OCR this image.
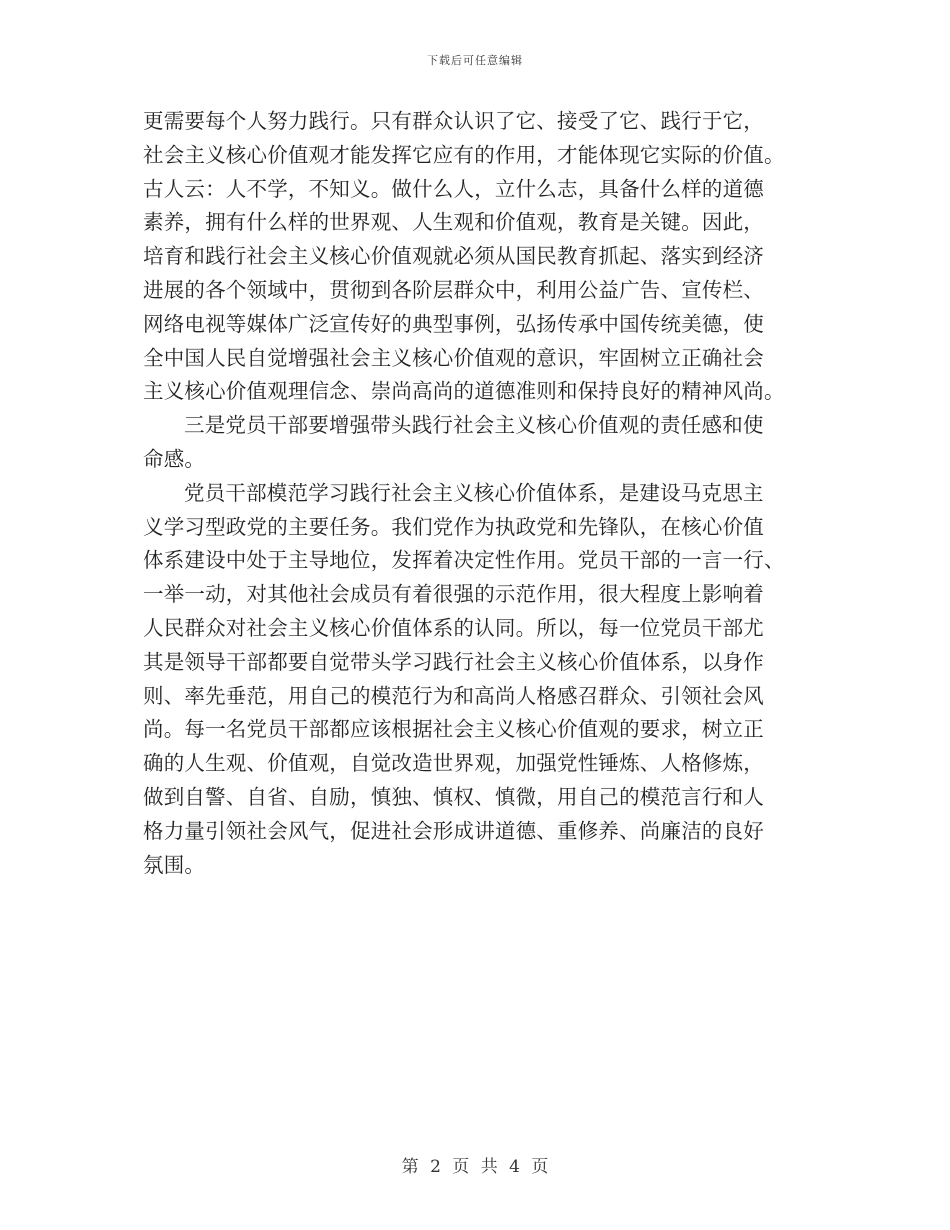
下载后可任意编辑
更需要每个人努力践行。只有群众认识了它、接受了它、践行于它，
社会主义核心价值观才能发挥它应有的作用，才能体现它实际的价值。
古人云：人不学，不知义。做什么人，立什么志，具备什么样的道德
素养，拥有什么样的世界观、人生观和价值观，教育是关键。因此，
培育和践行社会主义核心价值观就必须从国民教育抓起、落实到经济
进展的各个领域中，贯彻到各阶层群众中，利用公益广告、宣传栏、
网络电视等媒体广泛宣传好的典型事例，弘扬传承中国传统美德，使
全中国人民自觉增强社会主义核心价值观的意识，牢固树立正确社会
主义核心价值观理信念、崇尚高尚的道德准则和保持良好的精神风尚。
三是党员干部要增强带头践行社会主义核心价值观的责任感和使
命感。
党员干部模范学习践行社会主义核心价值体系，是建设马克思主
义学习型政党的主要任务。我们党作为执政党和先锋队，在核心价值
体系建设中处于主导地位，发挥着决定性作用。党员干部的一言一行、
一举一动，对其他社会成员有着很强的示范作用，很大程度上影响着
人民群众对社会主义核心价值体系的认同。所以，每一位党员干部尤
其是领导干部都要自觉带头学习践行社会主义核心价值体系，以身作
则、率先垂范，用自己的模范行为和高尚人格感召群众、引领社会风
尚。每一名党员干部都应该根据社会主义核心价值观的要求，树立正
确的人生观、价值观，自觉改造世界观，加强党性锤炼、人格修炼，
做到自警、自省、自励，慎独、慎权、慎微，用自己的模范言行和人
格力量引领社会风气，促进社会形成讲道德、重修养、尚廉洁的良好
氛围。
第 2 页 共 4 页
